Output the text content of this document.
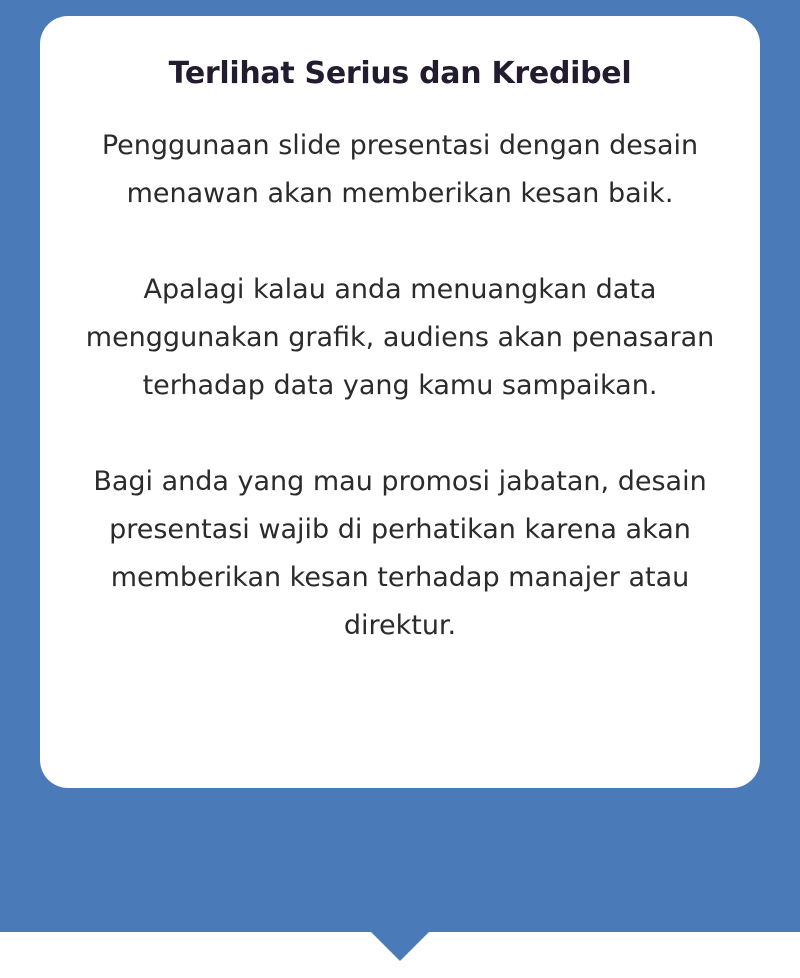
Terlihat Serius dan Kredibel

Penggunaan slide presentasi dengan desain menawan akan memberikan kesan baik.

Apalagi kalau anda menuangkan data menggunakan grafik, audiens akan penasaran terhadap data yang kamu sampaikan.

Bagi anda yang mau promosi jabatan, desain presentasi wajib di perhatikan karena akan memberikan kesan terhadap manajer atau direktur.
